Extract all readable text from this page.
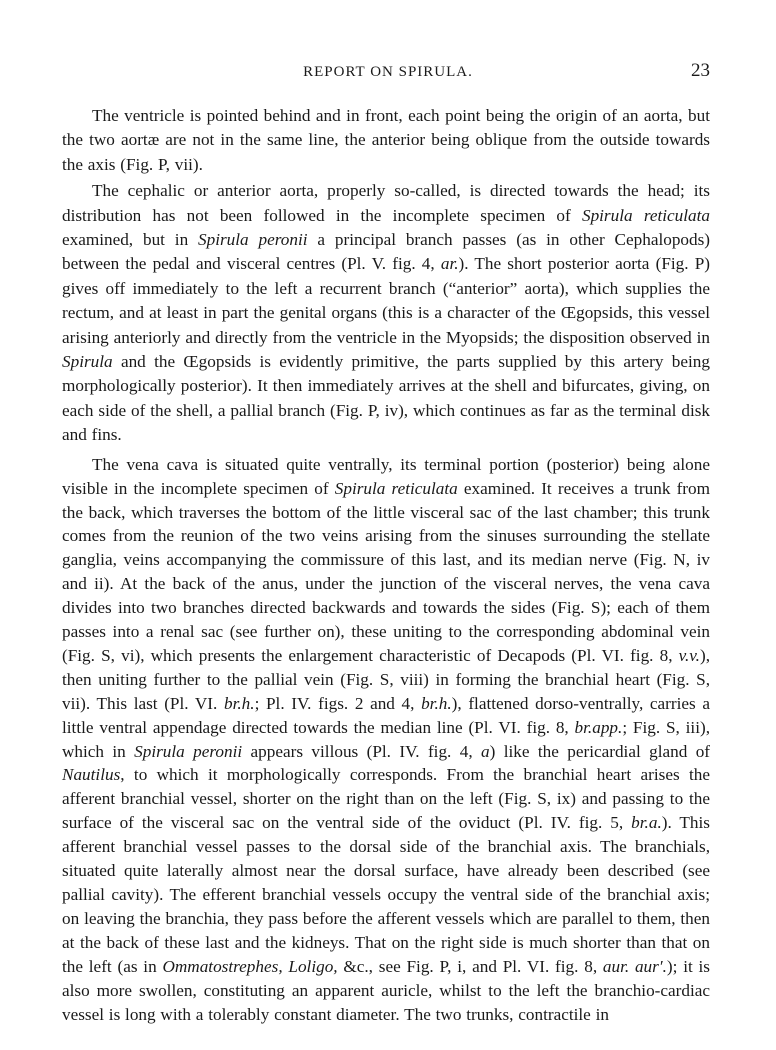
REPORT ON SPIRULA.	23

The ventricle is pointed behind and in front, each point being the origin of an aorta, but the two aortæ are not in the same line, the anterior being oblique from the outside towards the axis (Fig. P, vii).

The cephalic or anterior aorta, properly so-called, is directed towards the head; its distribution has not been followed in the incomplete specimen of Spirula reticulata examined, but in Spirula peronii a principal branch passes (as in other Cephalopods) between the pedal and visceral centres (Pl. V. fig. 4, ar.). The short posterior aorta (Fig. P) gives off immediately to the left a recurrent branch (“anterior” aorta), which supplies the rectum, and at least in part the genital organs (this is a character of the Œgopsids, this vessel arising anteriorly and directly from the ventricle in the Myopsids; the disposition observed in Spirula and the Œgopsids is evidently primitive, the parts supplied by this artery being morphologically posterior). It then immediately arrives at the shell and bifurcates, giving, on each side of the shell, a pallial branch (Fig. P, iv), which continues as far as the terminal disk and fins.

The vena cava is situated quite ventrally, its terminal portion (posterior) being alone visible in the incomplete specimen of Spirula reticulata examined. It receives a trunk from the back, which traverses the bottom of the little visceral sac of the last chamber; this trunk comes from the reunion of the two veins arising from the sinuses surrounding the stellate ganglia, veins accompanying the commissure of this last, and its median nerve (Fig. N, iv and ii). At the back of the anus, under the junction of the visceral nerves, the vena cava divides into two branches directed backwards and towards the sides (Fig. S); each of them passes into a renal sac (see further on), these uniting to the corresponding abdominal vein (Fig. S, vi), which presents the enlargement characteristic of Decapods (Pl. VI. fig. 8, v.v.), then uniting further to the pallial vein (Fig. S, viii) in forming the branchial heart (Fig. S, vii). This last (Pl. VI. br.h.; Pl. IV. figs. 2 and 4, br.h.), flattened dorso-ventrally, carries a little ventral appendage directed towards the median line (Pl. VI. fig. 8, br.app.; Fig. S, iii), which in Spirula peronii appears villous (Pl. IV. fig. 4, a) like the pericardial gland of Nautilus, to which it morphologically corresponds. From the branchial heart arises the afferent branchial vessel, shorter on the right than on the left (Fig. S, ix) and passing to the surface of the visceral sac on the ventral side of the oviduct (Pl. IV. fig. 5, br.a.). This afferent branchial vessel passes to the dorsal side of the branchial axis. The branchials, situated quite laterally almost near the dorsal surface, have already been described (see pallial cavity). The efferent branchial vessels occupy the ventral side of the branchial axis; on leaving the branchia, they pass before the afferent vessels which are parallel to them, then at the back of these last and the kidneys. That on the right side is much shorter than that on the left (as in Ommatostrephes, Loligo, &c., see Fig. P, i, and Pl. VI. fig. 8, aur. aur′.); it is also more swollen, constituting an apparent auricle, whilst to the left the branchio-cardiac vessel is long with a tolerably constant diameter. The two trunks, contractile in
